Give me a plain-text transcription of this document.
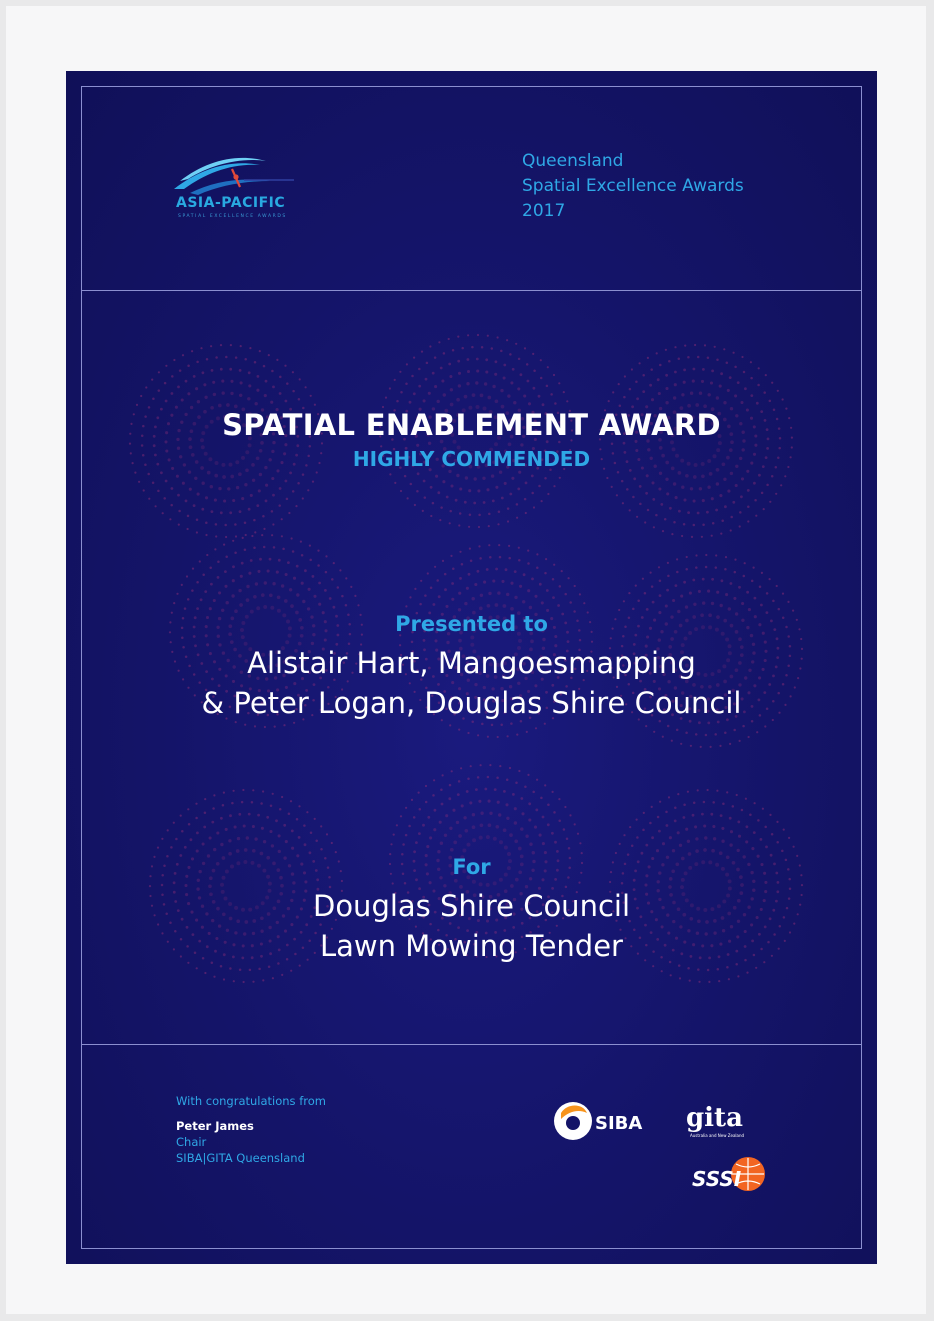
ASIA-PACIFIC
SPATIAL EXCELLENCE AWARDS
Queensland
Spatial Excellence Awards
2017
SPATIAL ENABLEMENT AWARD
HIGHLY COMMENDED
Presented to
Alistair Hart, Mangoesmapping
& Peter Logan, Douglas Shire Council
For
Douglas Shire Council
Lawn Mowing Tender
With congratulations from
Peter James
Chair
SIBA|GITA Queensland
SIBA gita
Australia and New Zealand
SSSI
